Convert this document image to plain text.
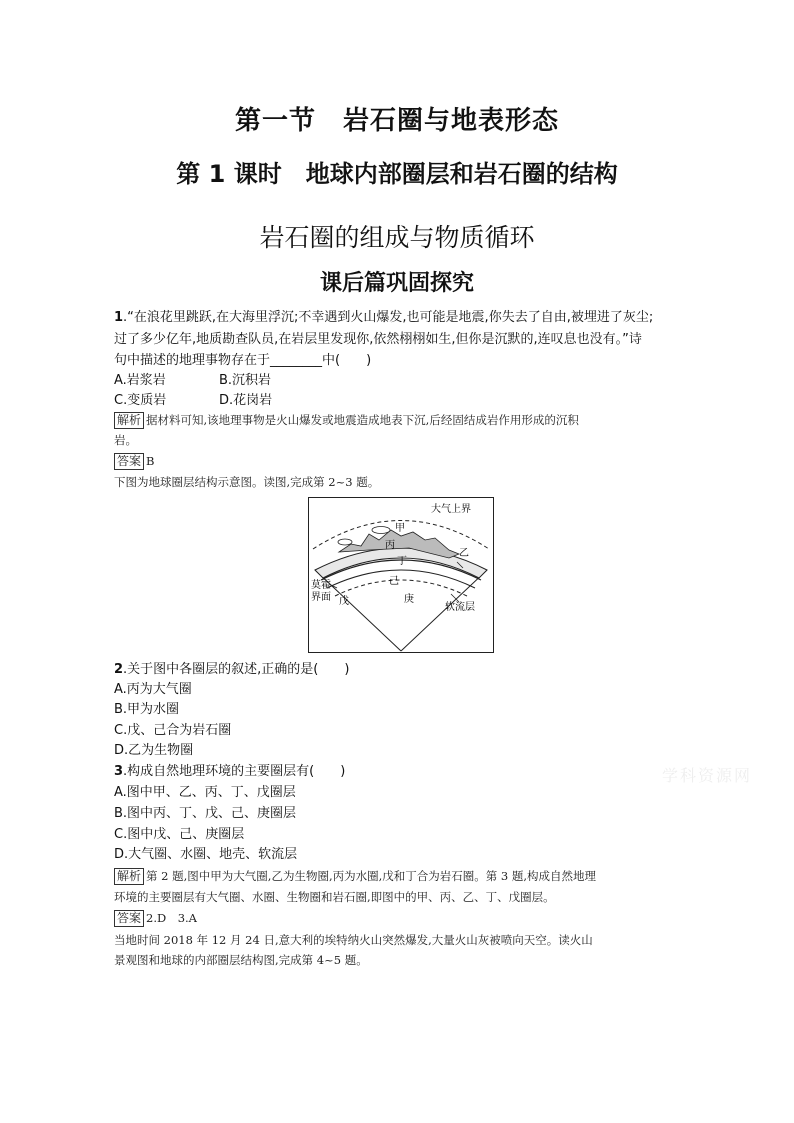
第一节　岩石圈与地表形态
第 1 课时　地球内部圈层和岩石圈的结构
岩石圈的组成与物质循环
课后篇巩固探究
1.“在浪花里跳跃,在大海里浮沉;不幸遇到火山爆发,也可能是地震,你失去了自由,被埋进了灰尘;
过了多少亿年,地质勘查队员,在岩层里发现你,依然栩栩如生,但你是沉默的,连叹息也没有。”诗
句中描述的地理事物存在于________中(　　)
A.岩浆岩	B.沉积岩
C.变质岩	D.花岗岩
解析 据材料可知,该地理事物是火山爆发或地震造成地表下沉,后经固结成岩作用形成的沉积
岩。
答案 B
下图为地球圈层结构示意图。读图,完成第 2~3 题。
大气上界
甲
丙
乙
丁
己
庚
莫霍
界面 戊
软流层
2.关于图中各圈层的叙述,正确的是(　　)
A.丙为大气圈
B.甲为水圈
C.戊、己合为岩石圈
D.乙为生物圈
3.构成自然地理环境的主要圈层有(　　)
A.图中甲、乙、丙、丁、戊圈层
B.图中丙、丁、戊、己、庚圈层
C.图中戊、己、庚圈层
D.大气圈、水圈、地壳、软流层
解析 第 2 题,图中甲为大气圈,乙为生物圈,丙为水圈,戊和丁合为岩石圈。第 3 题,构成自然地理
环境的主要圈层有大气圈、水圈、生物圈和岩石圈,即图中的甲、丙、乙、丁、戊圈层。
答案 2.D　3.A
当地时间 2018 年 12 月 24 日,意大利的埃特纳火山突然爆发,大量火山灰被喷向天空。读火山
景观图和地球的内部圈层结构图,完成第 4~5 题。
学科资源网
